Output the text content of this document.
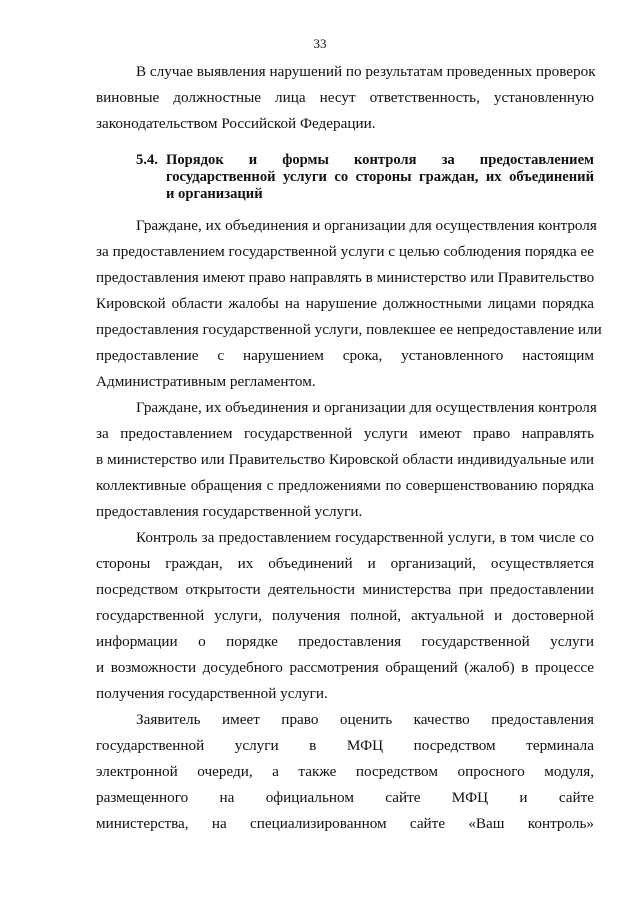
33
В случае выявления нарушений по результатам проведенных проверок
виновные должностные лица несут ответственность, установленную
законодательством Российской Федерации.
5.4. Порядок и формы контроля за предоставлением
государственной услуги со стороны граждан, их объединений
и организаций
Граждане, их объединения и организации для осуществления контроля
за предоставлением государственной услуги с целью соблюдения порядка ее
предоставления имеют право направлять в министерство или Правительство
Кировской области жалобы на нарушение должностными лицами порядка
предоставления государственной услуги, повлекшее ее непредоставление или
предоставление с нарушением срока, установленного настоящим
Административным регламентом.
Граждане, их объединения и организации для осуществления контроля
за предоставлением государственной услуги имеют право направлять
в министерство или Правительство Кировской области индивидуальные или
коллективные обращения с предложениями по совершенствованию порядка
предоставления государственной услуги.
Контроль за предоставлением государственной услуги, в том числе со
стороны граждан, их объединений и организаций, осуществляется
посредством открытости деятельности министерства при предоставлении
государственной услуги, получения полной, актуальной и достоверной
информации о порядке предоставления государственной услуги
и возможности досудебного рассмотрения обращений (жалоб) в процессе
получения государственной услуги.
Заявитель имеет право оценить качество предоставления
государственной услуги в МФЦ посредством терминала
электронной очереди, а также посредством опросного модуля,
размещенного на официальном сайте МФЦ и сайте
министерства, на специализированном сайте «Ваш контроль»
